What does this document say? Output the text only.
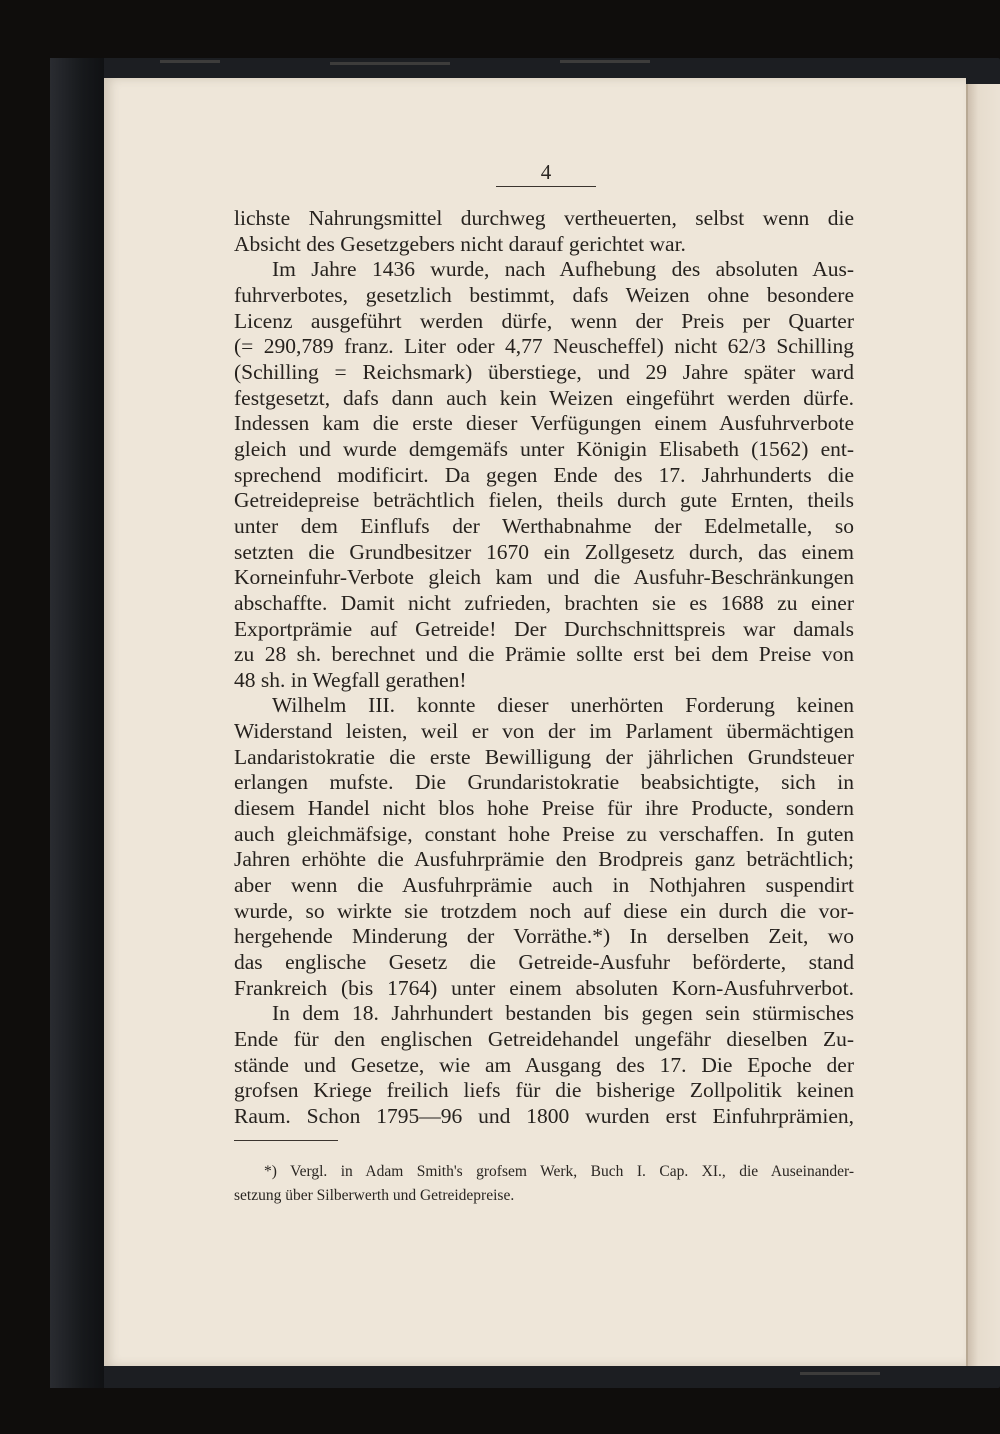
4
lichste Nahrungsmittel durchweg vertheuerten, selbst wenn die
Absicht des Gesetzgebers nicht darauf gerichtet war.
Im Jahre 1436 wurde, nach Aufhebung des absoluten Aus-
fuhrverbotes, gesetzlich bestimmt, dafs Weizen ohne besondere
Licenz ausgeführt werden dürfe, wenn der Preis per Quarter
(= 290,789 franz. Liter oder 4,77 Neuscheffel) nicht 62/3 Schilling
(Schilling = Reichsmark) überstiege, und 29 Jahre später ward
festgesetzt, dafs dann auch kein Weizen eingeführt werden dürfe.
Indessen kam die erste dieser Verfügungen einem Ausfuhrverbote
gleich und wurde demgemäfs unter Königin Elisabeth (1562) ent-
sprechend modificirt. Da gegen Ende des 17. Jahrhunderts die
Getreidepreise beträchtlich fielen, theils durch gute Ernten, theils
unter dem Einflufs der Werthabnahme der Edelmetalle, so
setzten die Grundbesitzer 1670 ein Zollgesetz durch, das einem
Korneinfuhr-Verbote gleich kam und die Ausfuhr-Beschränkungen
abschaffte. Damit nicht zufrieden, brachten sie es 1688 zu einer
Exportprämie auf Getreide! Der Durchschnittspreis war damals
zu 28 sh. berechnet und die Prämie sollte erst bei dem Preise von
48 sh. in Wegfall gerathen!
Wilhelm III. konnte dieser unerhörten Forderung keinen
Widerstand leisten, weil er von der im Parlament übermächtigen
Landaristokratie die erste Bewilligung der jährlichen Grundsteuer
erlangen mufste. Die Grundaristokratie beabsichtigte, sich in
diesem Handel nicht blos hohe Preise für ihre Producte, sondern
auch gleichmäfsige, constant hohe Preise zu verschaffen. In guten
Jahren erhöhte die Ausfuhrprämie den Brodpreis ganz beträchtlich;
aber wenn die Ausfuhrprämie auch in Nothjahren suspendirt
wurde, so wirkte sie trotzdem noch auf diese ein durch die vor-
hergehende Minderung der Vorräthe.*) In derselben Zeit, wo
das englische Gesetz die Getreide-Ausfuhr beförderte, stand
Frankreich (bis 1764) unter einem absoluten Korn-Ausfuhrverbot.
In dem 18. Jahrhundert bestanden bis gegen sein stürmisches
Ende für den englischen Getreidehandel ungefähr dieselben Zu-
stände und Gesetze, wie am Ausgang des 17. Die Epoche der
grofsen Kriege freilich liefs für die bisherige Zollpolitik keinen
Raum. Schon 1795—96 und 1800 wurden erst Einfuhrprämien,
*) Vergl. in Adam Smith's grofsem Werk, Buch I. Cap. XI., die Auseinander-
setzung über Silberwerth und Getreidepreise.
